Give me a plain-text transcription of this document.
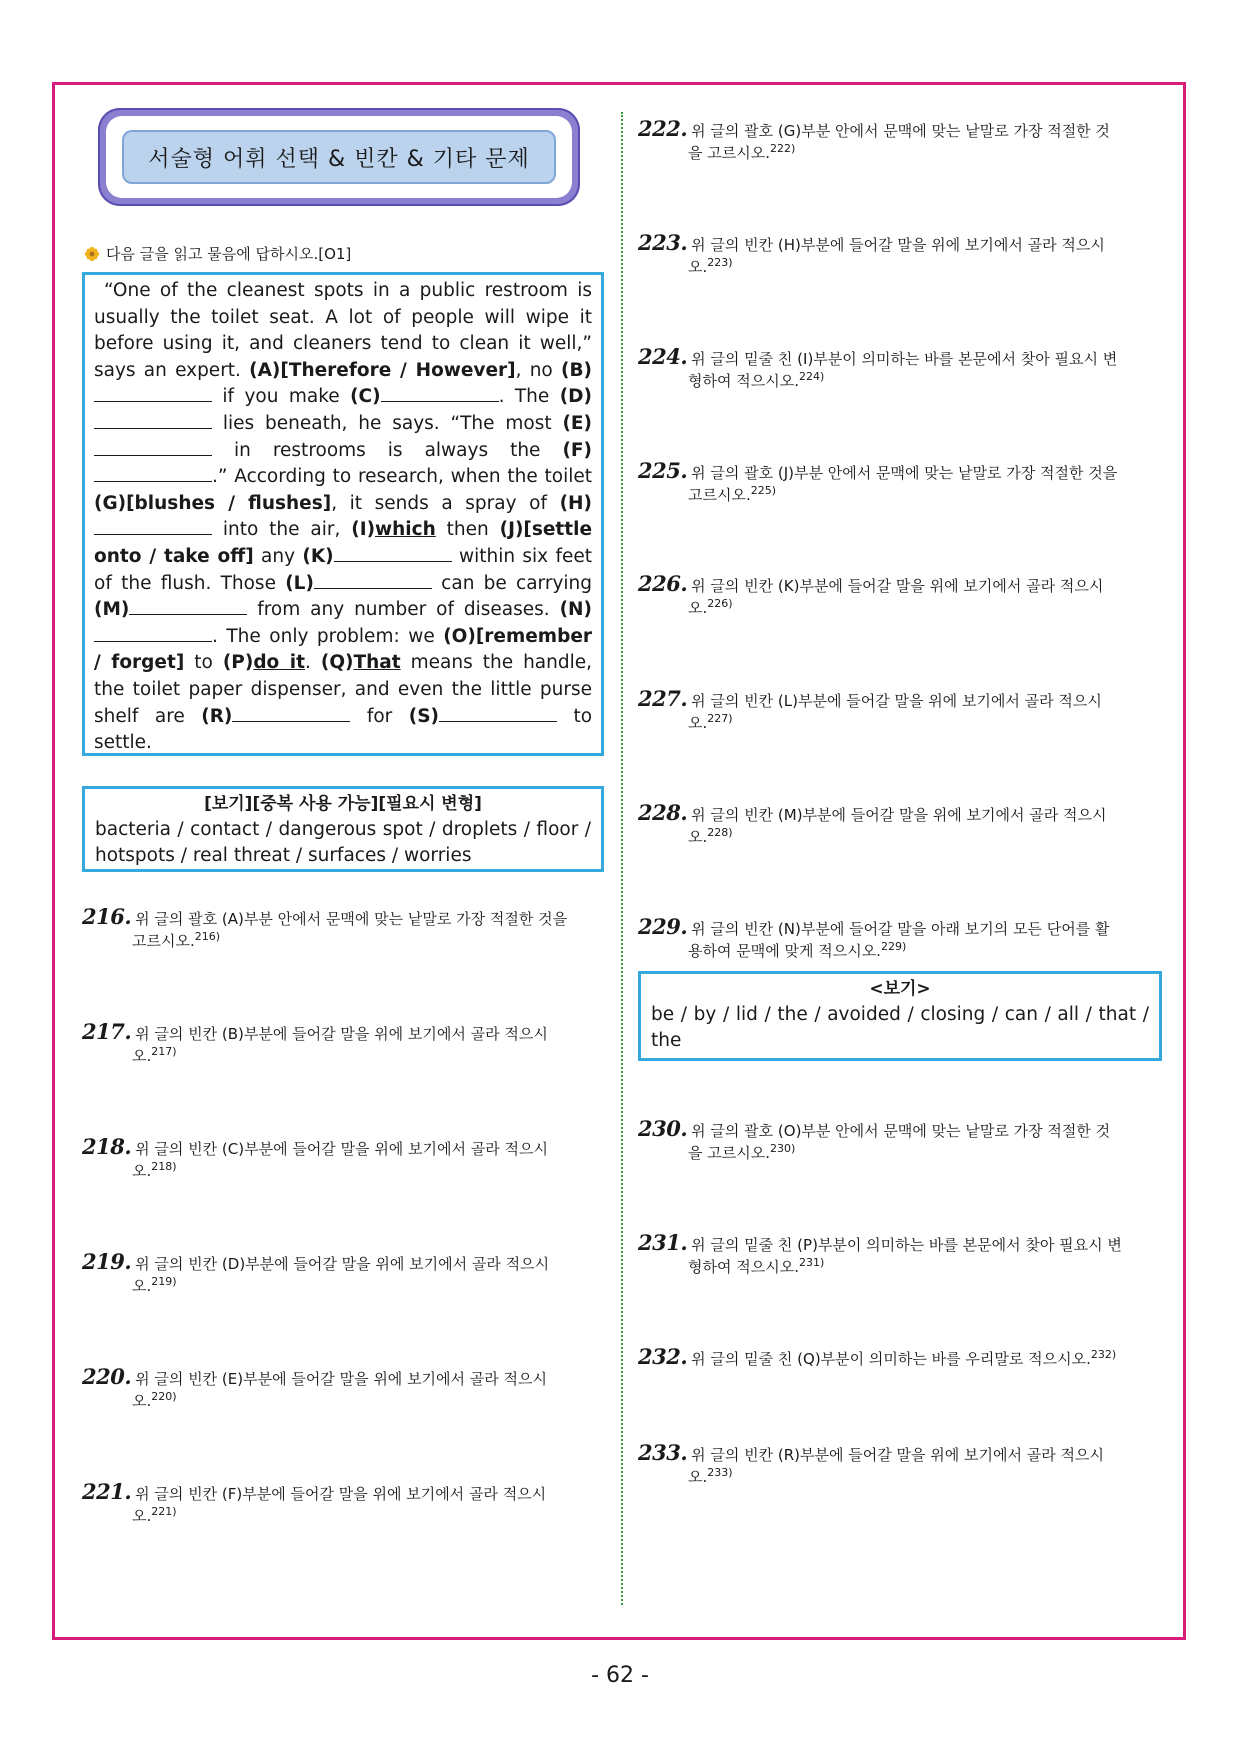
서술형 어휘 선택 & 빈칸 & 기타 문제
다음 글을 읽고 물음에 답하시오.[O1]

“One of the cleanest spots in a public restroom is usually the toilet seat. A lot of people will wipe it before using it, and cleaners tend to clean it well,” says an expert. (A)[Therefore / However], no (B) if you make (C)	. The (D) lies beneath, he says. “The most (E) in restrooms is always the (F).” According to research, when the toilet (G)[blushes / flushes], it sends a spray of (H) into the air, (I)which then (J)[settle onto / take off] any (K)	within six feet of the flush. Those (L)	can be carrying (M)	from any number of diseases. (N). The only problem: we (O)[remember / forget] to (P)do it. (Q)That means the handle, the toilet paper dispenser, and even the little purse shelf are (R)	for (S)	to settle.

[보기][중복 사용 가능][필요시 변형]
bacteria / contact / dangerous spot / droplets / floor / hotspots / real threat / surfaces / worries
<보기>
be / by / lid / the / avoided / closing / can / all / that / the
216. 위 글의 괄호 (A)부분 안에서 문맥에 맞는 낱말로 가장 적절한 것을
고르시오.$^{216)}$
217. 위 글의 빈칸 (B)부분에 들어갈 말을 위에 보기에서 골라 적으시
오.$^{217)}$
218. 위 글의 빈칸 (C)부분에 들어갈 말을 위에 보기에서 골라 적으시
오.$^{218)}$
219. 위 글의 빈칸 (D)부분에 들어갈 말을 위에 보기에서 골라 적으시
오.$^{219)}$
220. 위 글의 빈칸 (E)부분에 들어갈 말을 위에 보기에서 골라 적으시
오.$^{220)}$
221. 위 글의 빈칸 (F)부분에 들어갈 말을 위에 보기에서 골라 적으시
오.$^{221)}$
222. 위 글의 괄호 (G)부분 안에서 문맥에 맞는 낱말로 가장 적절한 것
을 고르시오.$^{222)}$
223. 위 글의 빈칸 (H)부분에 들어갈 말을 위에 보기에서 골라 적으시
오.$^{223)}$
224. 위 글의 밑줄 친 (I)부분이 의미하는 바를 본문에서 찾아 필요시 변
형하여 적으시오.$^{224)}$
225. 위 글의 괄호 (J)부분 안에서 문맥에 맞는 낱말로 가장 적절한 것을
고르시오.$^{225)}$
226. 위 글의 빈칸 (K)부분에 들어갈 말을 위에 보기에서 골라 적으시
오.$^{226)}$
227. 위 글의 빈칸 (L)부분에 들어갈 말을 위에 보기에서 골라 적으시
오.$^{227)}$
228. 위 글의 빈칸 (M)부분에 들어갈 말을 위에 보기에서 골라 적으시
오.$^{228)}$
229. 위 글의 빈칸 (N)부분에 들어갈 말을 아래 보기의 모든 단어를 활
용하여 문맥에 맞게 적으시오.$^{229)}$
230. 위 글의 괄호 (O)부분 안에서 문맥에 맞는 낱말로 가장 적절한 것
을 고르시오.$^{230)}$
231. 위 글의 밑줄 친 (P)부분이 의미하는 바를 본문에서 찾아 필요시 변
형하여 적으시오.$^{231)}$
232. 위 글의 밑줄 친 (Q)부분이 의미하는 바를 우리말로 적으시오.$^{232)}$
233. 위 글의 빈칸 (R)부분에 들어갈 말을 위에 보기에서 골라 적으시
오.$^{233)}$
- 62 -
